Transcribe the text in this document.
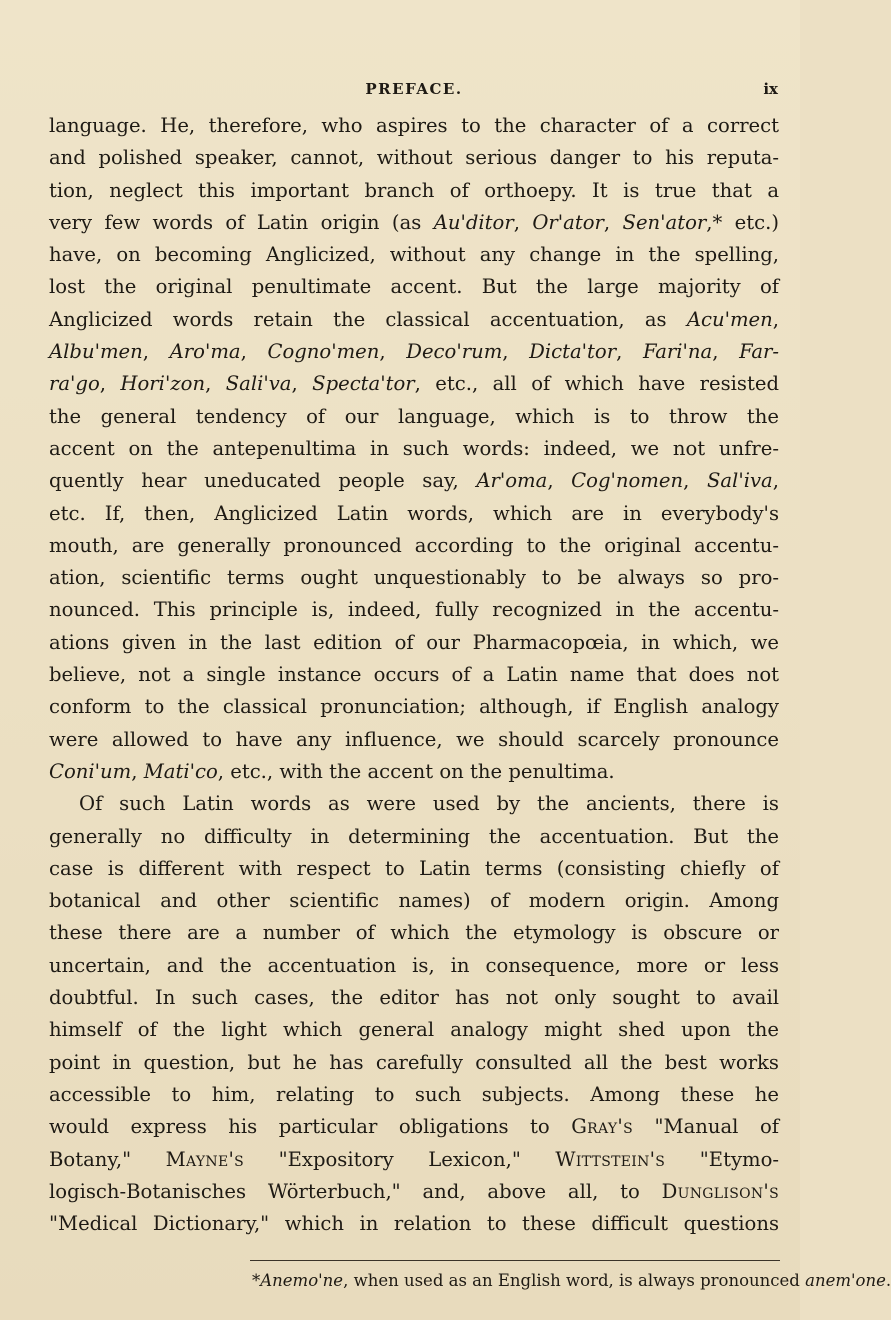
PREFACE.	ix
language. He, therefore, who aspires to the character of a correct
and polished speaker, cannot, without serious danger to his reputa-
tion, neglect this important branch of orthoepy. It is true that a
very few words of Latin origin (as Au'ditor, Or'ator, Sen'ator,* etc.)
have, on becoming Anglicized, without any change in the spelling,
lost the original penultimate accent. But the large majority of
Anglicized words retain the classical accentuation, as Acu'men,
Albu'men, Aro'ma, Cogno'men, Deco'rum, Dicta'tor, Fari'na, Far-
ra'go, Hori'zon, Sali'va, Specta'tor, etc., all of which have resisted
the general tendency of our language, which is to throw the
accent on the antepenultima in such words: indeed, we not unfre-
quently hear uneducated people say, Ar'oma, Cog'nomen, Sal'iva,
etc. If, then, Anglicized Latin words, which are in everybody's
mouth, are generally pronounced according to the original accentu-
ation, scientific terms ought unquestionably to be always so pro-
nounced. This principle is, indeed, fully recognized in the accentu-
ations given in the last edition of our Pharmacopœia, in which, we
believe, not a single instance occurs of a Latin name that does not
conform to the classical pronunciation; although, if English analogy
were allowed to have any influence, we should scarcely pronounce
Coni'um, Mati'co, etc., with the accent on the penultima.
Of such Latin words as were used by the ancients, there is
generally no difficulty in determining the accentuation. But the
case is different with respect to Latin terms (consisting chiefly of
botanical and other scientific names) of modern origin. Among
these there are a number of which the etymology is obscure or
uncertain, and the accentuation is, in consequence, more or less
doubtful. In such cases, the editor has not only sought to avail
himself of the light which general analogy might shed upon the
point in question, but he has carefully consulted all the best works
accessible to him, relating to such subjects. Among these he
would express his particular obligations to Gray's "Manual of
Botany," Mayne's "Expository Lexicon," Wittstein's "Etymo-
logisch-Botanisches Wörterbuch," and, above all, to Dunglison's
"Medical Dictionary," which in relation to these difficult questions
*Anemo'ne, when used as an English word, is always pronounced anem'one.
